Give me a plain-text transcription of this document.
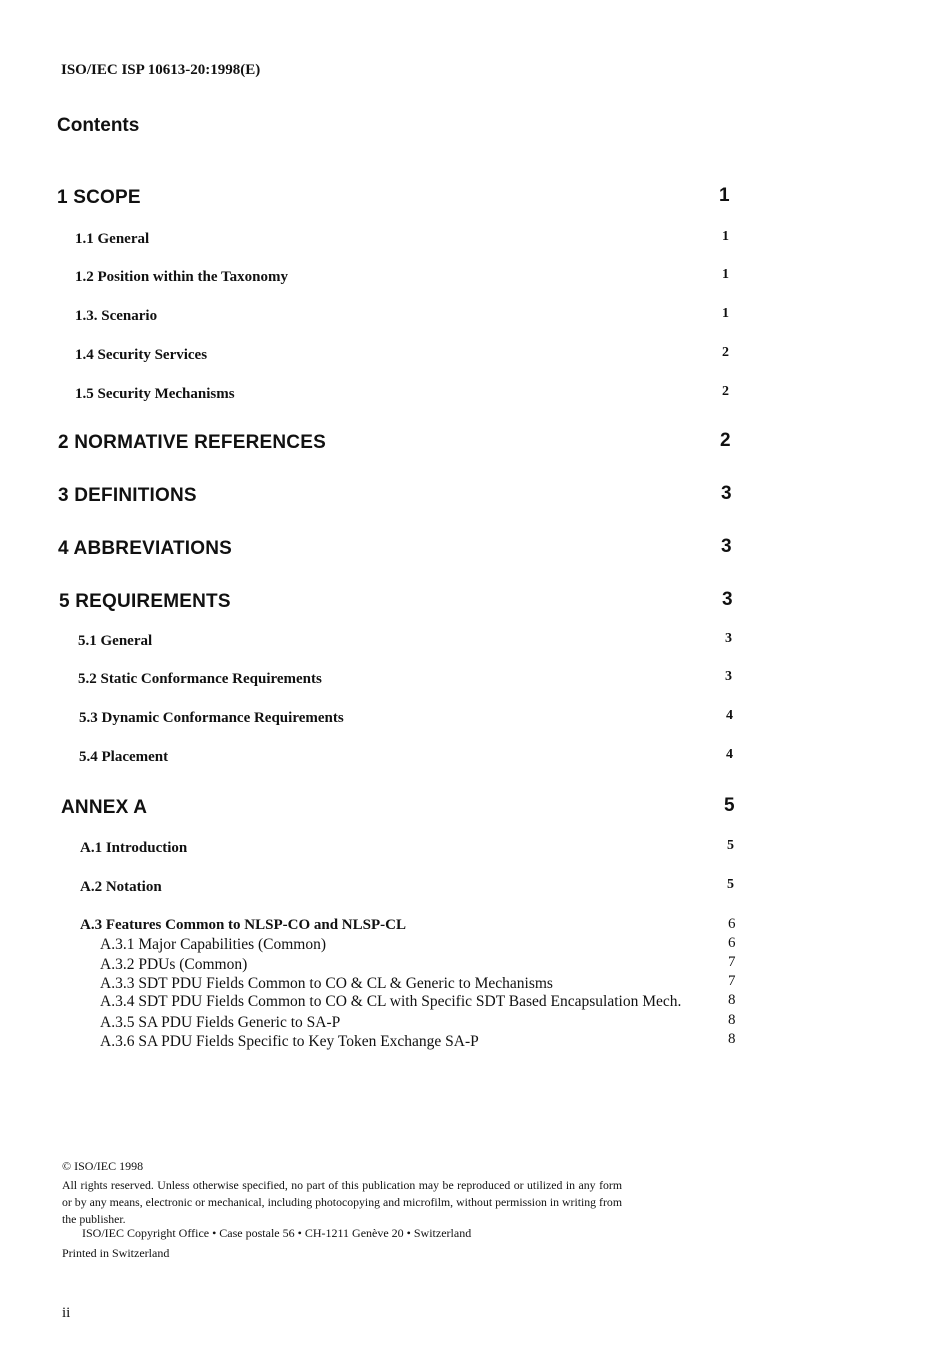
ISO/IEC ISP 10613-20:1998(E)
Contents
1 SCOPE	1
1.1 General	1
1.2 Position within the Taxonomy	1
1.3. Scenario	1
1.4 Security Services	2
1.5 Security Mechanisms	2
2 NORMATIVE REFERENCES	2
3 DEFINITIONS	3
4 ABBREVIATIONS	3
5 REQUIREMENTS	3
5.1 General	3
5.2 Static Conformance Requirements	3
5.3 Dynamic Conformance Requirements	4
5.4 Placement	4
ANNEX A	5
A.1 Introduction	5
A.2 Notation	5
A.3 Features Common to NLSP-CO and NLSP-CL	6
A.3.1 Major Capabilities (Common)	6
A.3.2 PDUs (Common)	7
A.3.3 SDT PDU Fields Common to CO & CL & Generic to Mechanisms	7
A.3.4 SDT PDU Fields Common to CO & CL with Specific SDT Based Encapsulation Mech.	8
A.3.5 SA PDU Fields Generic to SA-P	8
A.3.6 SA PDU Fields Specific to Key Token Exchange SA-P	8
© ISO/IEC 1998
All rights reserved. Unless otherwise specified, no part of this publication may be reproduced or utilized in any form or by any means, electronic or mechanical, including photocopying and microfilm, without permission in writing from the publisher.
ISO/IEC Copyright Office • Case postale 56 • CH-1211 Genève 20 • Switzerland
Printed in Switzerland
ii
